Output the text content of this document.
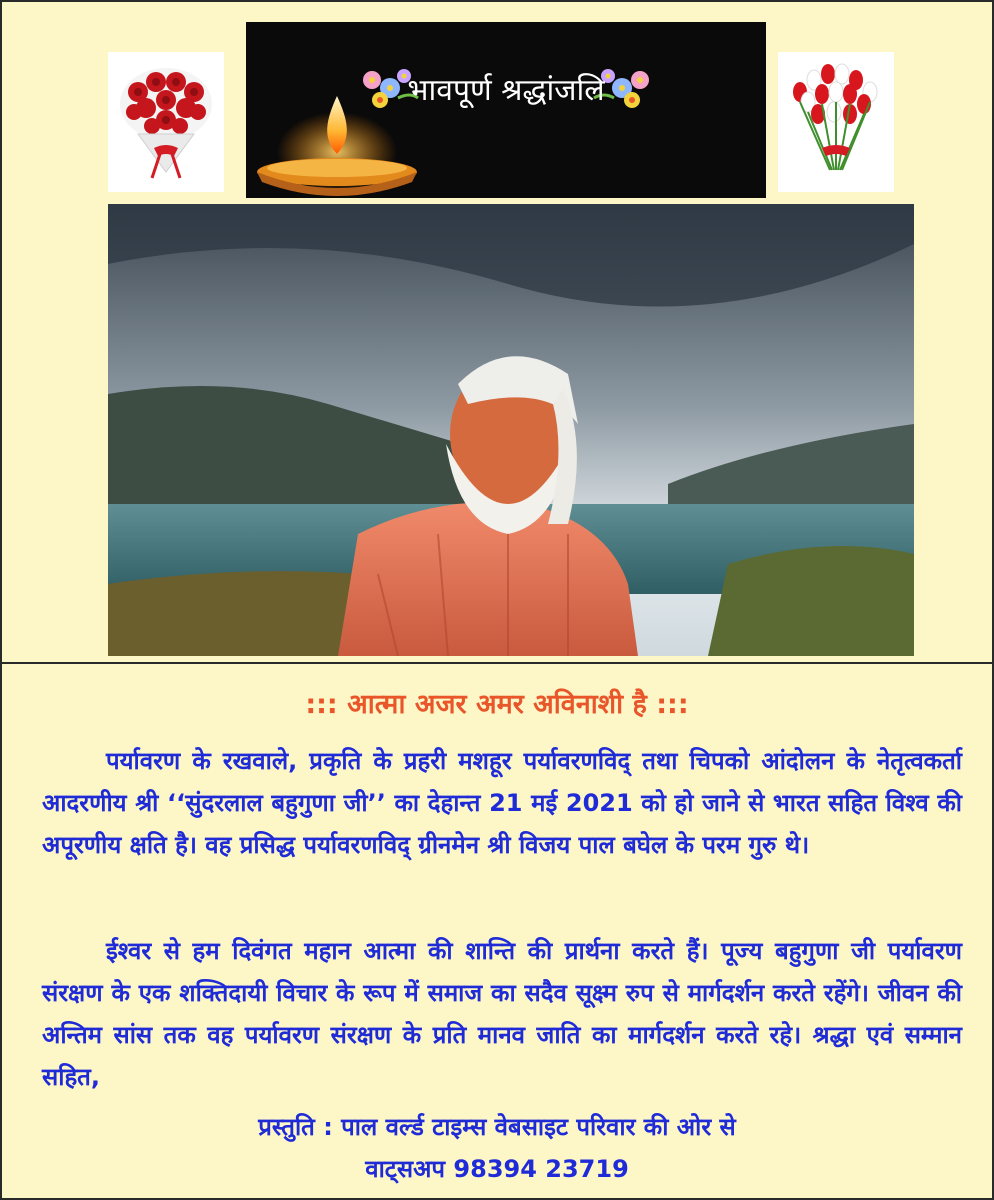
भावपूर्ण श्रद्धांजलि
::: आत्मा अजर अमर अविनाशी है :::

पर्यावरण के रखवाले, प्रकृति के प्रहरी मशहूर पर्यावरणविद् तथा चिपको आंदोलन के नेतृत्वकर्ता आदरणीय श्री ‘‘सुंदरलाल बहुगुणा जी’’ का देहान्त 21 मई 2021 को हो जाने से भारत सहित विश्व की अपूरणीय क्षति है। वह प्रसिद्ध पर्यावरणविद् ग्रीनमेन श्री विजय पाल बघेल के परम गुरु थे।

ईश्वर से हम दिवंगत महान आत्मा की शान्ति की प्रार्थना करते हैं। पूज्य बहुगुणा जी पर्यावरण संरक्षण के एक शक्तिदायी विचार के रूप में समाज का सदैव सूक्ष्म रुप से मार्गदर्शन करते रहेंगे। जीवन की अन्तिम सांस तक वह पर्यावरण संरक्षण के प्रति मानव जाति का मार्गदर्शन करते रहे। श्रद्धा एवं सम्मान सहित,

प्रस्तुति : पाल वर्ल्ड टाइम्स वेबसाइट परिवार की ओर से
वाट्सअप 98394 23719
